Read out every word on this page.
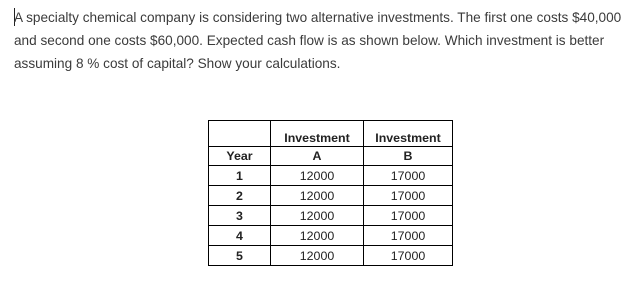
A specialty chemical company is considering two alternative investments. The first one costs $40,000 and second one costs $60,000. Expected cash flow is as shown below. Which investment is better assuming 8 % cost of capital? Show your calculations.
	Investment	Investment
Year	A	B
1	12000	17000
2	12000	17000
3	12000	17000
4	12000	17000
5	12000	17000
